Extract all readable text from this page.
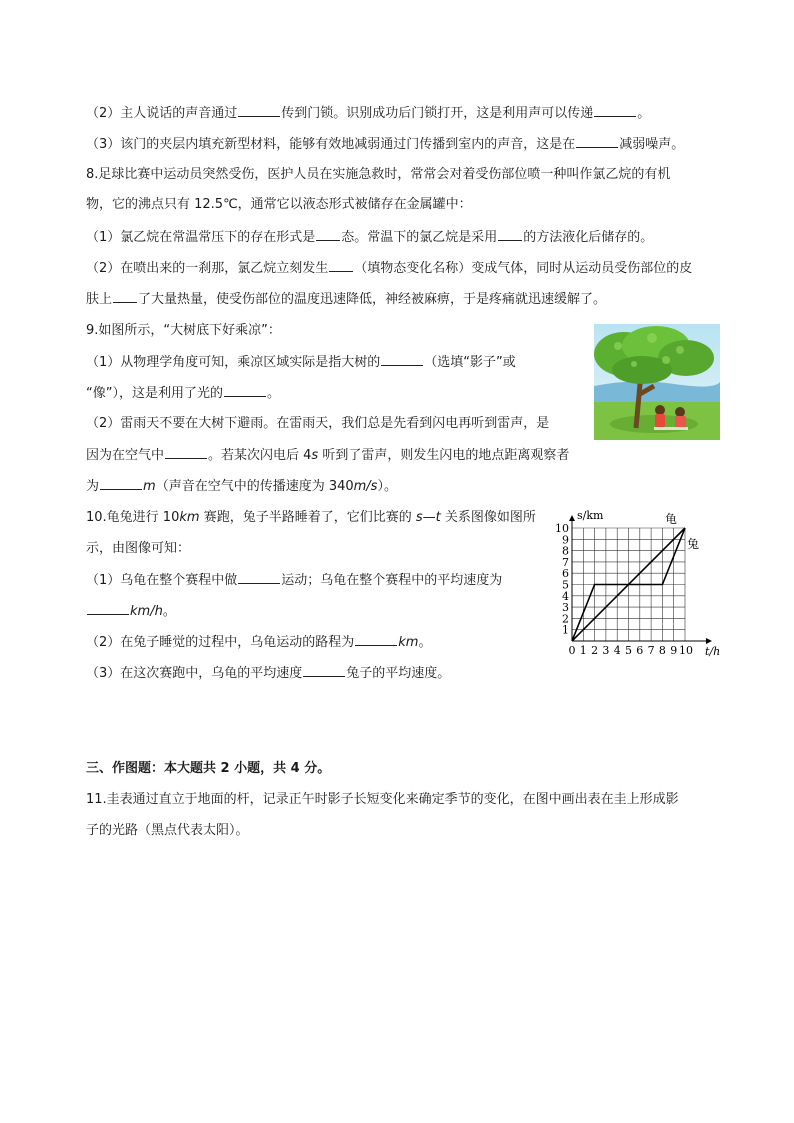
（2）主人说话的声音通过	传到门锁。识别成功后门锁打开，这是利用声可以传递	。
（3）该门的夹层内填充新型材料，能够有效地减弱通过门传播到室内的声音，这是在	减弱噪声。
8.足球比赛中运动员突然受伤，医护人员在实施急救时，常常会对着受伤部位喷一种叫作氯乙烷的有机
物，它的沸点只有 12.5℃，通常它以液态形式被储存在金属罐中：
（1）氯乙烷在常温常压下的存在形式是 态。常温下的氯乙烷是采用 的方法液化后储存的。
（2）在喷出来的一刹那，氯乙烷立刻发生 （填物态变化名称）变成气体，同时从运动员受伤部位的皮
肤上 了大量热量，使受伤部位的温度迅速降低，神经被麻痹，于是疼痛就迅速缓解了。
9.如图所示，“大树底下好乘凉”：
（1）从物理学角度可知，乘凉区域实际是指大树的	（选填“影子”或
“像”），这是利用了光的	。
（2）雷雨天不要在大树下避雨。在雷雨天，我们总是先看到闪电再听到雷声，是
因为在空气中	。若某次闪电后 4s 听到了雷声，则发生闪电的地点距离观察者
为	m（声音在空气中的传播速度为 340m/s）。
10.龟兔进行 10km 赛跑，兔子半路睡着了，它们比赛的 s—t 关系图像如图所
示，由图像可知：
（1）乌龟在整个赛程中做	运动；乌龟在整个赛程中的平均速度为
km/h。
（2）在兔子睡觉的过程中，乌龟运动的路程为	km。
（3）在这次赛跑中，乌龟的平均速度	兔子的平均速度。
0 1 2 3 4 5 6 7 8 9 10
1
2
3
4
5
6
7
8
9
10
s/km
t/h
龟
兔
三、作图题：本大题共 2 小题，共 4 分。
11.圭表通过直立于地面的杆，记录正午时影子长短变化来确定季节的变化，在图中画出表在圭上形成影
子的光路（黑点代表太阳）。
